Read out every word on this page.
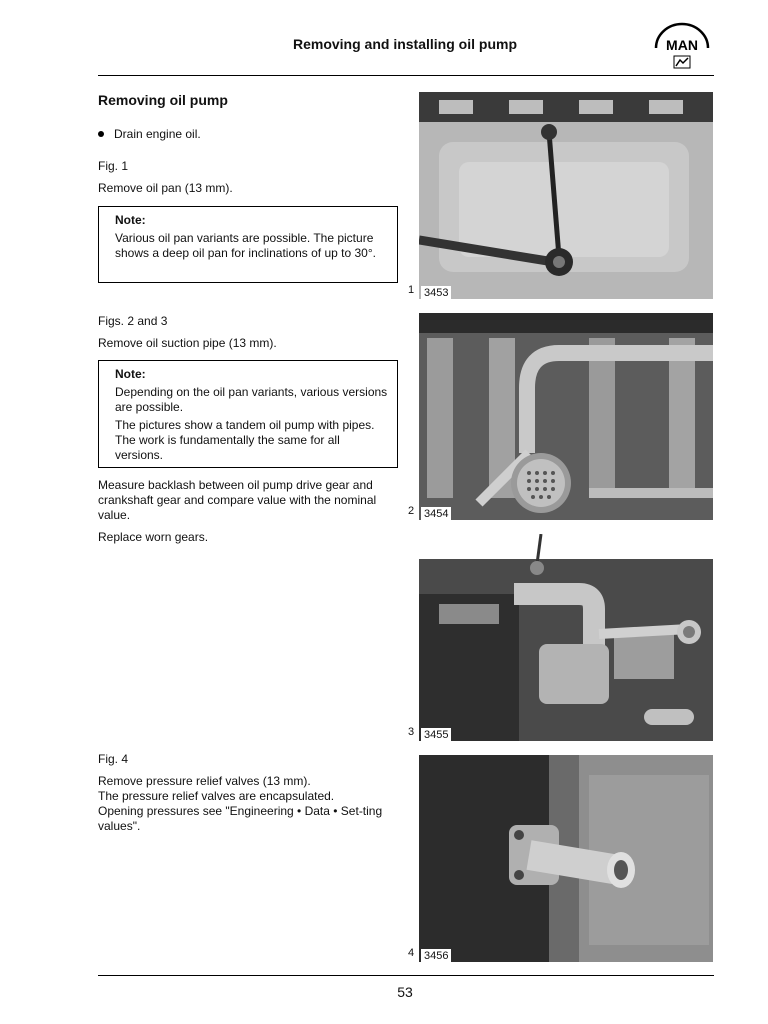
Removing and installing oil pump	MAN
Removing oil pump
Drain engine oil.
Fig. 1
Remove oil pan (13 mm).

Note:

Various oil pan variants are possible. The picture shows a deep oil pan for inclinations of up to 30°.

Figs. 2 and 3
Remove oil suction pipe (13 mm).

Note:

Depending on the oil pan variants, various versions are possible.

The pictures show a tandem oil pump with pipes. The work is fundamentally the same for all versions.

Measure backlash between oil pump drive gear and crankshaft gear and compare value with the nominal value.
Replace worn gears.
Fig. 4
Remove pressure relief valves (13 mm).
The pressure relief valves are encapsulated.
Opening pressures see "Engineering • Data • Set-ting values".
1 3453
2 3454
3 3455
4 3456
53
